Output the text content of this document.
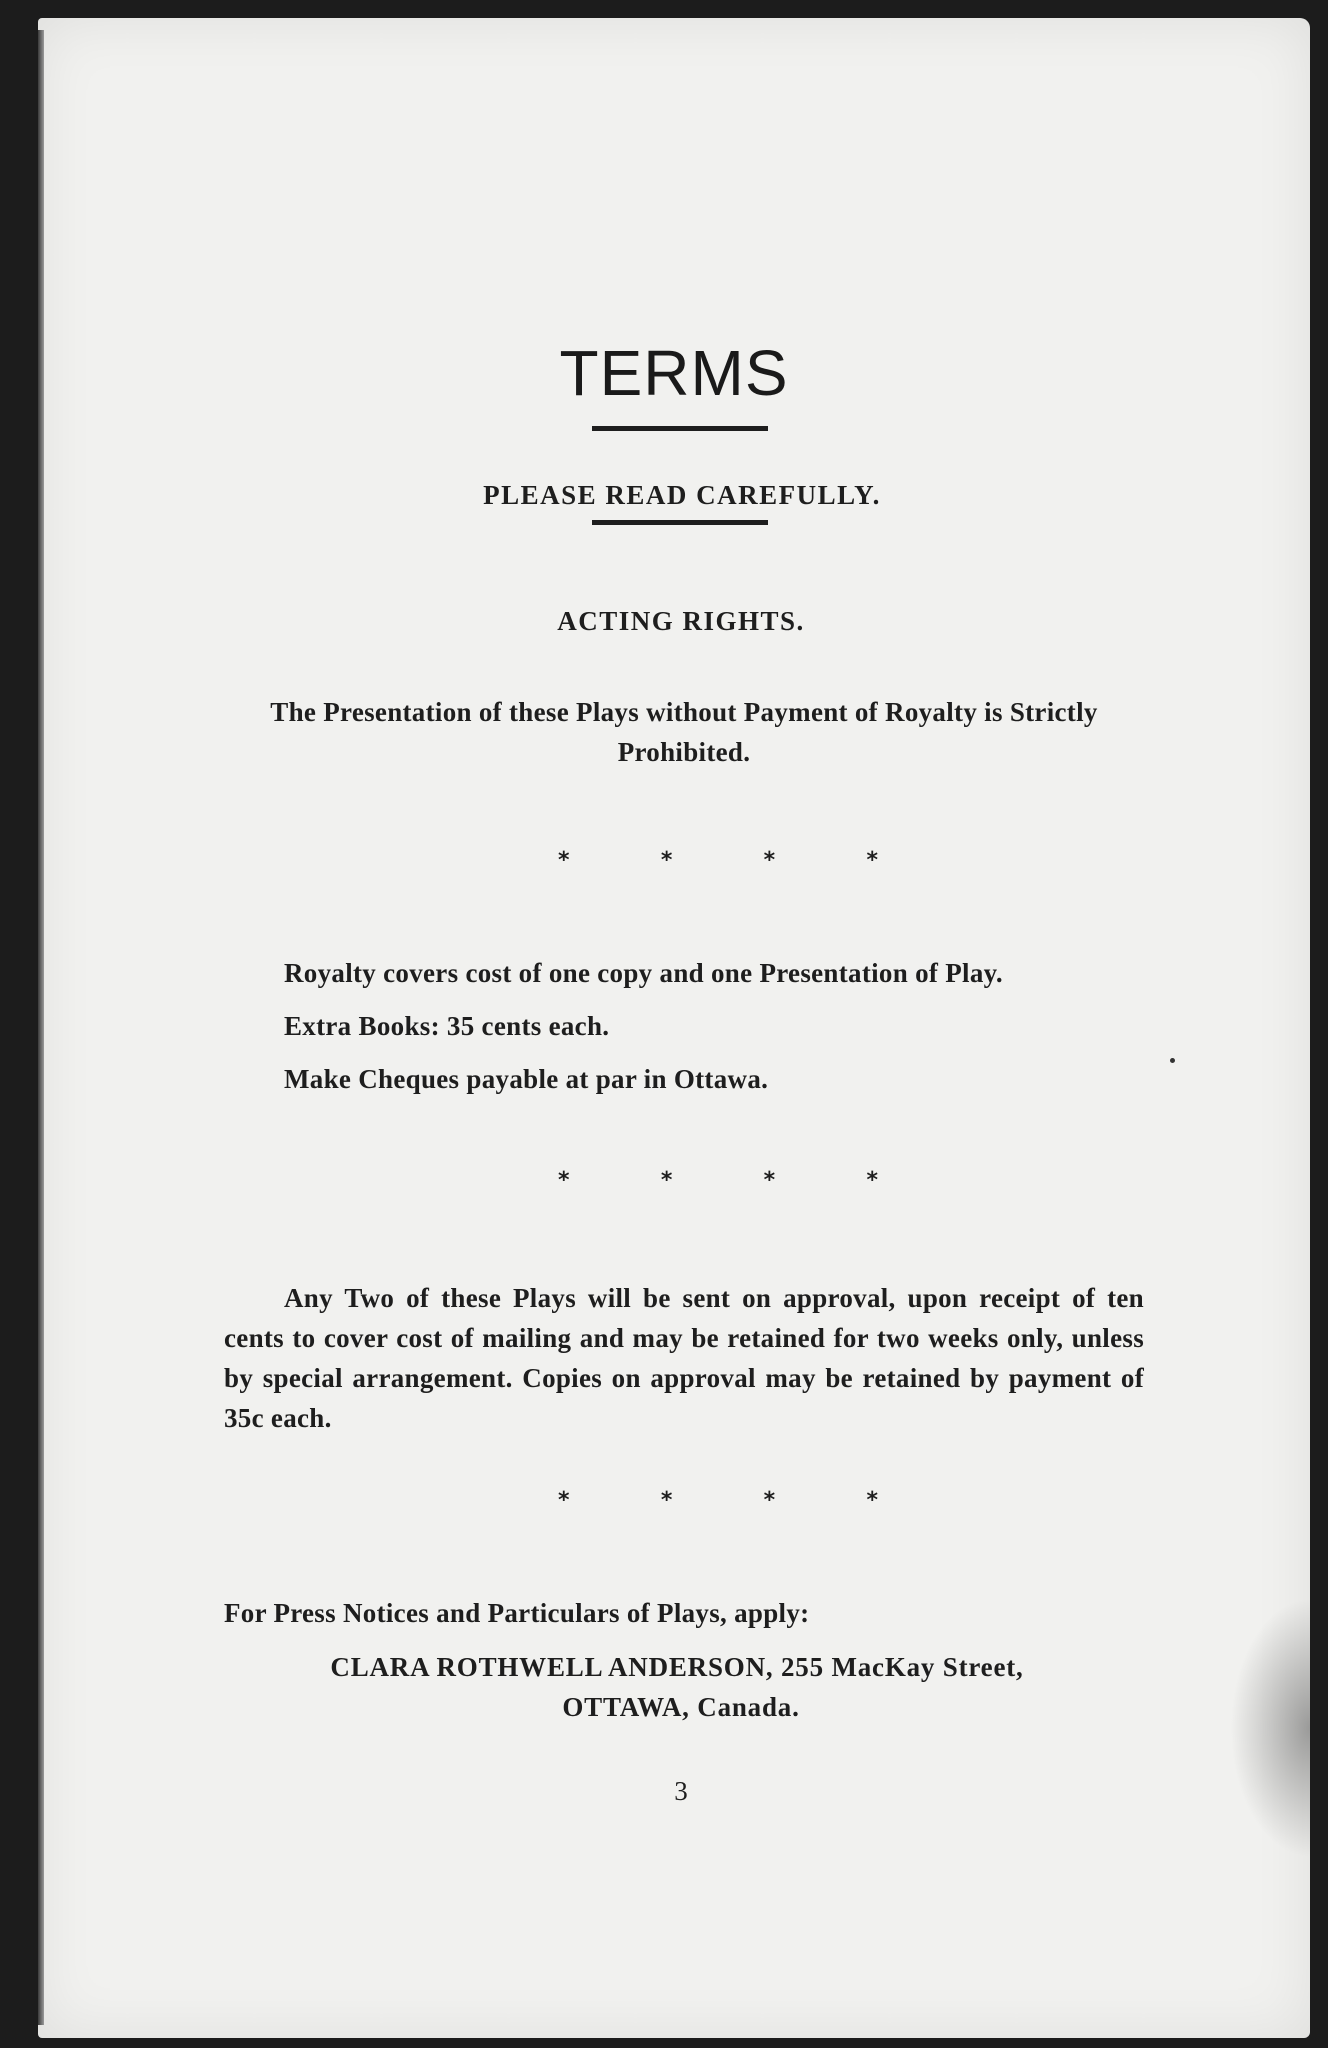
TERMS
PLEASE READ CAREFULLY.
ACTING RIGHTS.
The Presentation of these Plays without Payment of Royalty is Strictly Prohibited.
*	*	*	*
Royalty covers cost of one copy and one Presentation of Play.
Extra Books: 35 cents each.
Make Cheques payable at par in Ottawa.
*	*	*	*
Any Two of these Plays will be sent on approval, upon receipt of ten cents to cover cost of mailing and may be retained for two weeks only, unless by special arrangement. Copies on approval may be retained by payment of 35c each.
*	*	*	*
For Press Notices and Particulars of Plays, apply:
CLARA ROTHWELL ANDERSON, 255 MacKay Street,
OTTAWA, Canada.
3
